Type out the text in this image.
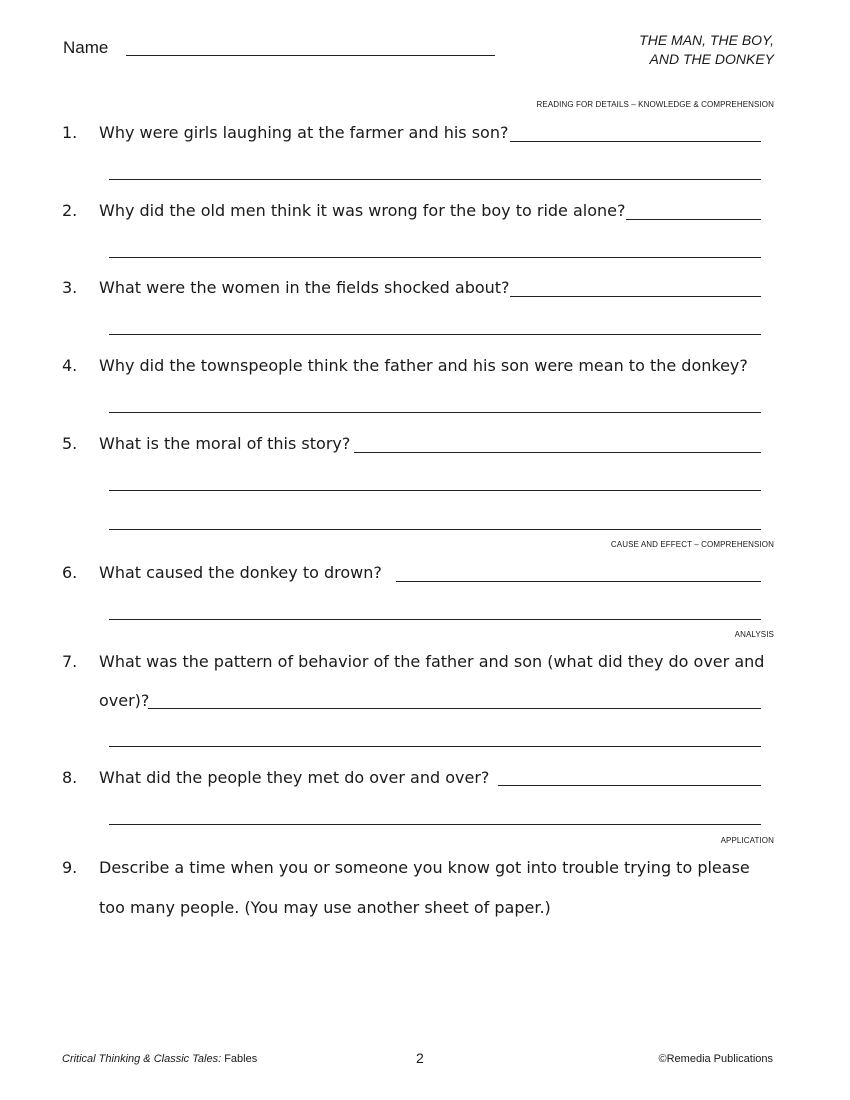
Name	THE MAN, THE BOY,
AND THE DONKEY
READING FOR DETAILS – KNOWLEDGE & COMPREHENSION
1. Why were girls laughing at the farmer and his son?
2. Why did the old men think it was wrong for the boy to ride alone?
3. What were the women in the fields shocked about?
4. Why did the townspeople think the father and his son were mean to the donkey?
5. What is the moral of this story?
CAUSE AND EFFECT – COMPREHENSION
6. What caused the donkey to drown?
ANALYSIS
7. What was the pattern of behavior of the father and son (what did they do over and
over)?
8. What did the people they met do over and over?
APPLICATION
9. Describe a time when you or someone you know got into trouble trying to please
too many people. (You may use another sheet of paper.)
Critical Thinking & Classic Tales: Fables	2	©Remedia Publications
